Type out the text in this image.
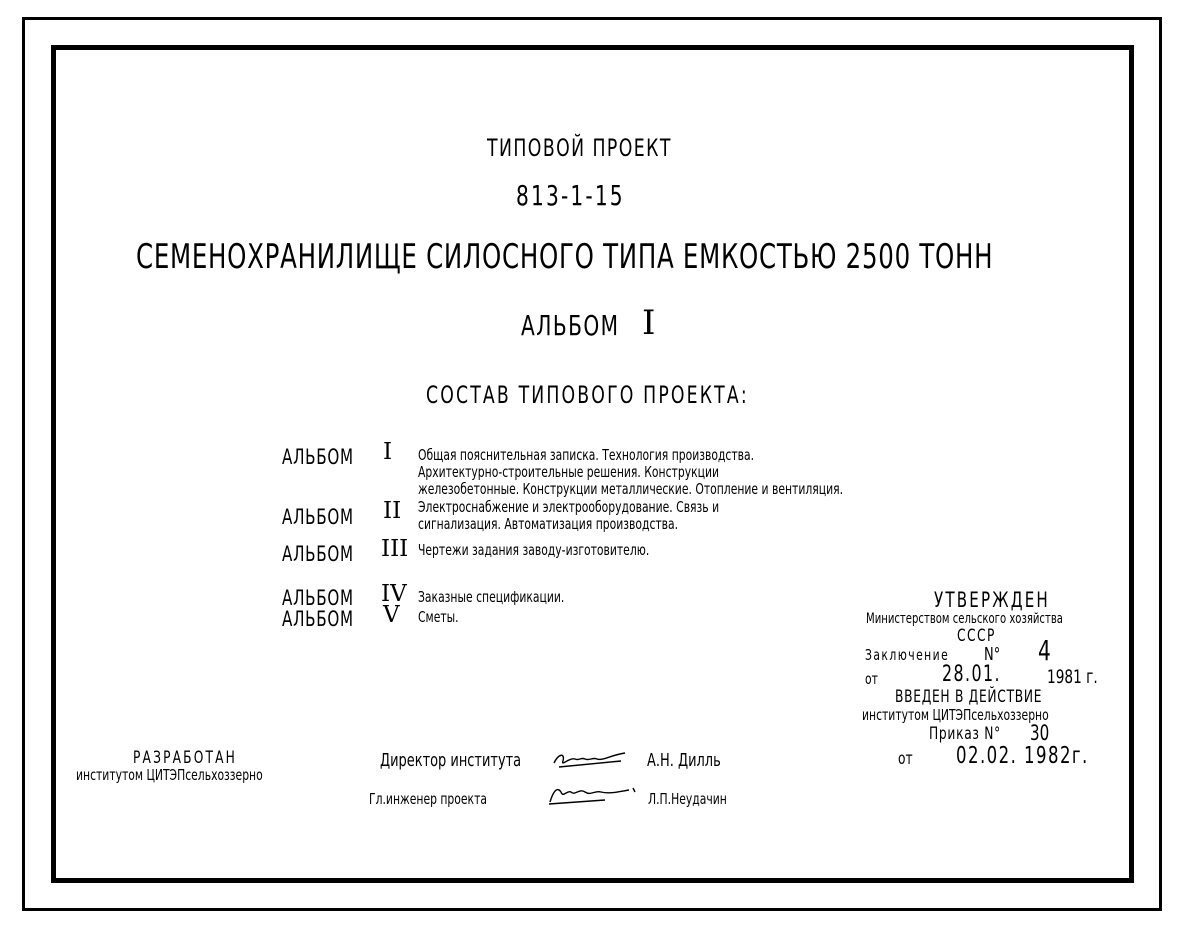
ТИПОВОЙ ПРОЕКТ
813-1-15
СЕМЕНОХРАНИЛИЩЕ СИЛОСНОГО ТИПА ЕМКОСТЬЮ 2500 ТОНН
АЛЬБОМ I
СОСТАВ ТИПОВОГО ПРОЕКТА:
АЛЬБОМ I Общая пояснительная записка. Технология производства.
Архитектурно-строительные решения. Конструкции
железобетонные. Конструкции металлические. Отопление и вентиляция.
АЛЬБОМ II Электроснабжение и электрооборудование. Связь и
сигнализация. Автоматизация производства.
АЛЬБОМ III Чертежи задания заводу-изготовителю.
АЛЬБОМ IV Заказные спецификации.
АЛЬБОМ V Сметы.
УТВЕРЖДЕН
Министерством сельского хозяйства
СССР
Заключение N° 4
от	28.01. 1981 г.
ВВЕДЕН В ДЕЙСТВИЕ
институтом ЦИТЭПсельхоззерно
Приказ N° 30
от 02.02. 1982г.
РАЗРАБОТАН
институтом ЦИТЭПсельхоззерно
Директор института	А.Н. Дилль
Гл.инженер проекта	Л.П.Неудачин
